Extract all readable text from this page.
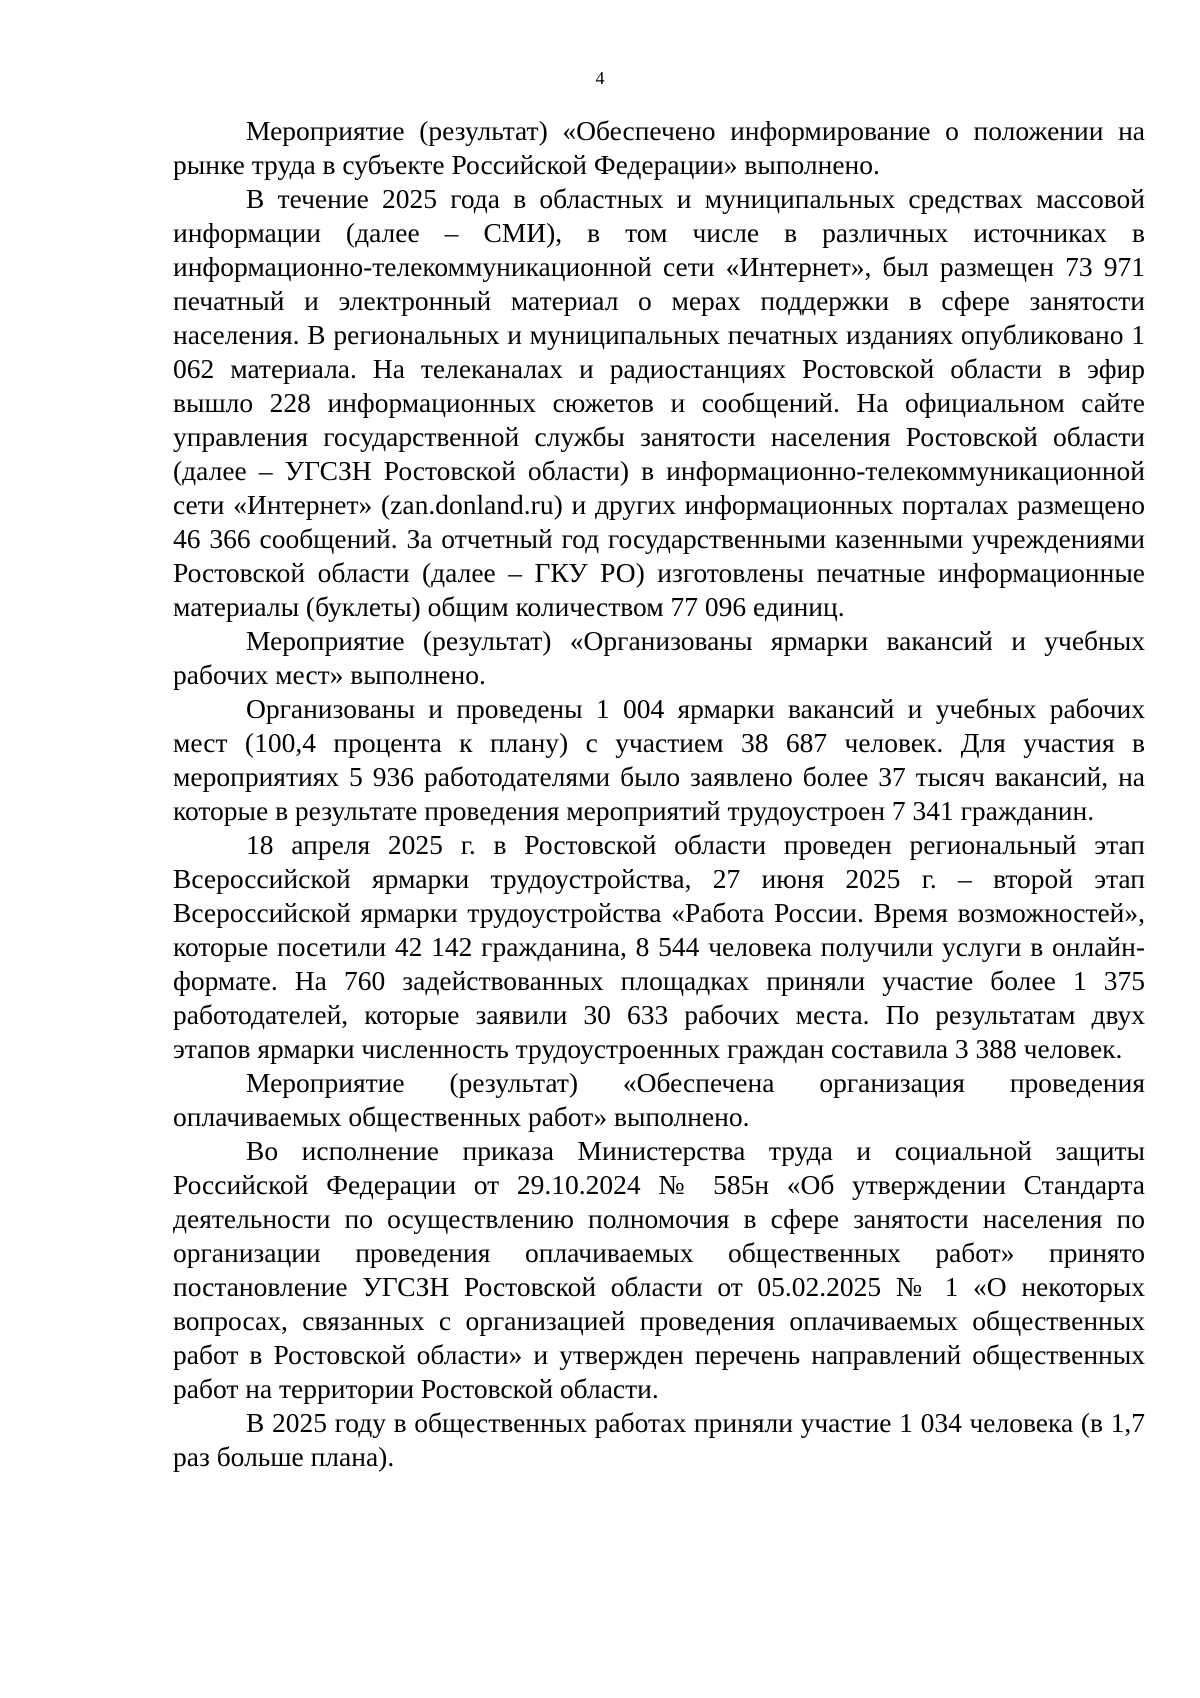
4

Мероприятие (результат) «Обеспечено информирование о положении на рынке труда в субъекте Российской Федерации» выполнено.

В течение 2025 года в областных и муниципальных средствах массовой информации (далее – СМИ), в том числе в различных источниках в информационно-телекоммуникационной сети «Интернет», был размещен 73 971 печатный и электронный материал о мерах поддержки в сфере занятости населения. В региональных и муниципальных печатных изданиях опубликовано 1 062 материала. На телеканалах и радиостанциях Ростовской области в эфир вышло 228 информационных сюжетов и сообщений. На официальном сайте управления государственной службы занятости населения Ростовской области (далее – УГСЗН Ростовской области) в информационно-телекоммуникационной сети «Интернет» (zan.donland.ru) и других информационных порталах размещено 46 366 сообщений. За отчетный год государственными казенными учреждениями Ростовской области (далее – ГКУ РО) изготовлены печатные информационные материалы (буклеты) общим количеством 77 096 единиц.

Мероприятие (результат) «Организованы ярмарки вакансий и учебных рабочих мест» выполнено.

Организованы и проведены 1 004 ярмарки вакансий и учебных рабочих мест (100,4 процента к плану) с участием 38 687 человек. Для участия в мероприятиях 5 936 работодателями было заявлено более 37 тысяч вакансий, на которые в результате проведения мероприятий трудоустроен 7 341 гражданин.

18 апреля 2025 г. в Ростовской области проведен региональный этап Всероссийской ярмарки трудоустройства, 27 июня 2025 г. – второй этап Всероссийской ярмарки трудоустройства «Работа России. Время возможностей», которые посетили 42 142 гражданина, 8 544 человека получили услуги в онлайн-формате. На 760 задействованных площадках приняли участие более 1 375 работодателей, которые заявили 30 633 рабочих места. По результатам двух этапов ярмарки численность трудоустроенных граждан составила 3 388 человек.

Мероприятие (результат) «Обеспечена организация проведения оплачиваемых общественных работ» выполнено.

Во исполнение приказа Министерства труда и социальной защиты Российской Федерации от 29.10.2024 № 585н «Об утверждении Стандарта деятельности по осуществлению полномочия в сфере занятости населения по организации проведения оплачиваемых общественных работ» принято постановление УГСЗН Ростовской области от 05.02.2025 № 1 «О некоторых вопросах, связанных с организацией проведения оплачиваемых общественных работ в Ростовской области» и утвержден перечень направлений общественных работ на территории Ростовской области.

В 2025 году в общественных работах приняли участие 1 034 человека (в 1,7 раз больше плана).
